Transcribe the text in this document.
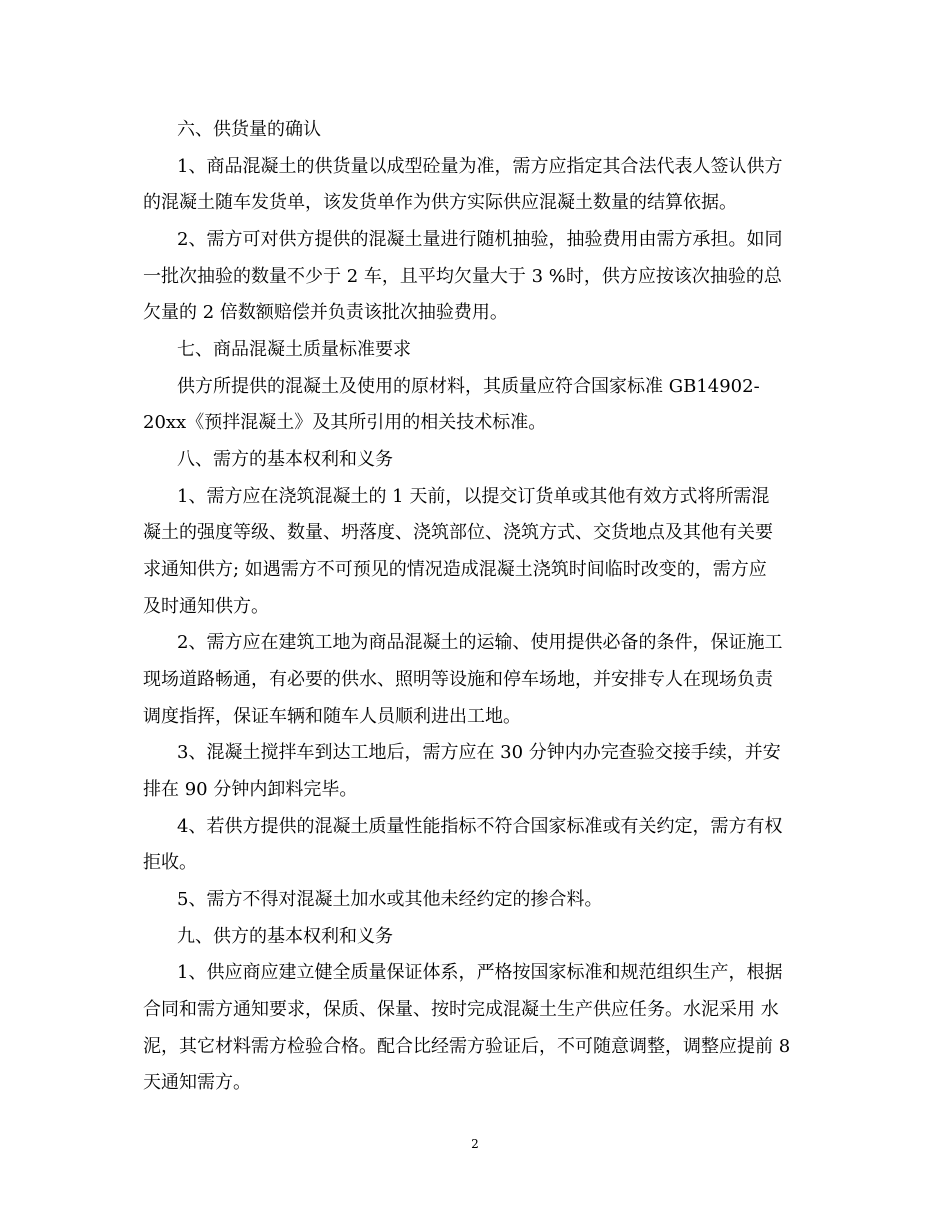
六、供货量的确认
1、商品混凝土的供货量以成型砼量为准，需方应指定其合法代表人签认供方
的混凝土随车发货单，该发货单作为供方实际供应混凝土数量的结算依据。
2、需方可对供方提供的混凝土量进行随机抽验，抽验费用由需方承担。如同
一批次抽验的数量不少于 2 车，且平均欠量大于 3 %时，供方应按该次抽验的总
欠量的 2 倍数额赔偿并负责该批次抽验费用。
七、商品混凝土质量标准要求
供方所提供的混凝土及使用的原材料，其质量应符合国家标准 GB14902-
20xx《预拌混凝土》及其所引用的相关技术标准。
八、需方的基本权利和义务
1、需方应在浇筑混凝土的 1 天前，以提交订货单或其他有效方式将所需混
凝土的强度等级、数量、坍落度、浇筑部位、浇筑方式、交货地点及其他有关要
求通知供方; 如遇需方不可预见的情况造成混凝土浇筑时间临时改变的，需方应
及时通知供方。
2、需方应在建筑工地为商品混凝土的运输、使用提供必备的条件，保证施工
现场道路畅通，有必要的供水、照明等设施和停车场地，并安排专人在现场负责
调度指挥，保证车辆和随车人员顺利进出工地。
3、混凝土搅拌车到达工地后，需方应在 30 分钟内办完查验交接手续，并安
排在 90 分钟内卸料完毕。
4、若供方提供的混凝土质量性能指标不符合国家标准或有关约定，需方有权
拒收。
5、需方不得对混凝土加水或其他未经约定的掺合料。
九、供方的基本权利和义务
1、供应商应建立健全质量保证体系，严格按国家标准和规范组织生产，根据
合同和需方通知要求，保质、保量、按时完成混凝土生产供应任务。水泥采用 水
泥，其它材料需方检验合格。配合比经需方验证后，不可随意调整，调整应提前 8
天通知需方。
2
